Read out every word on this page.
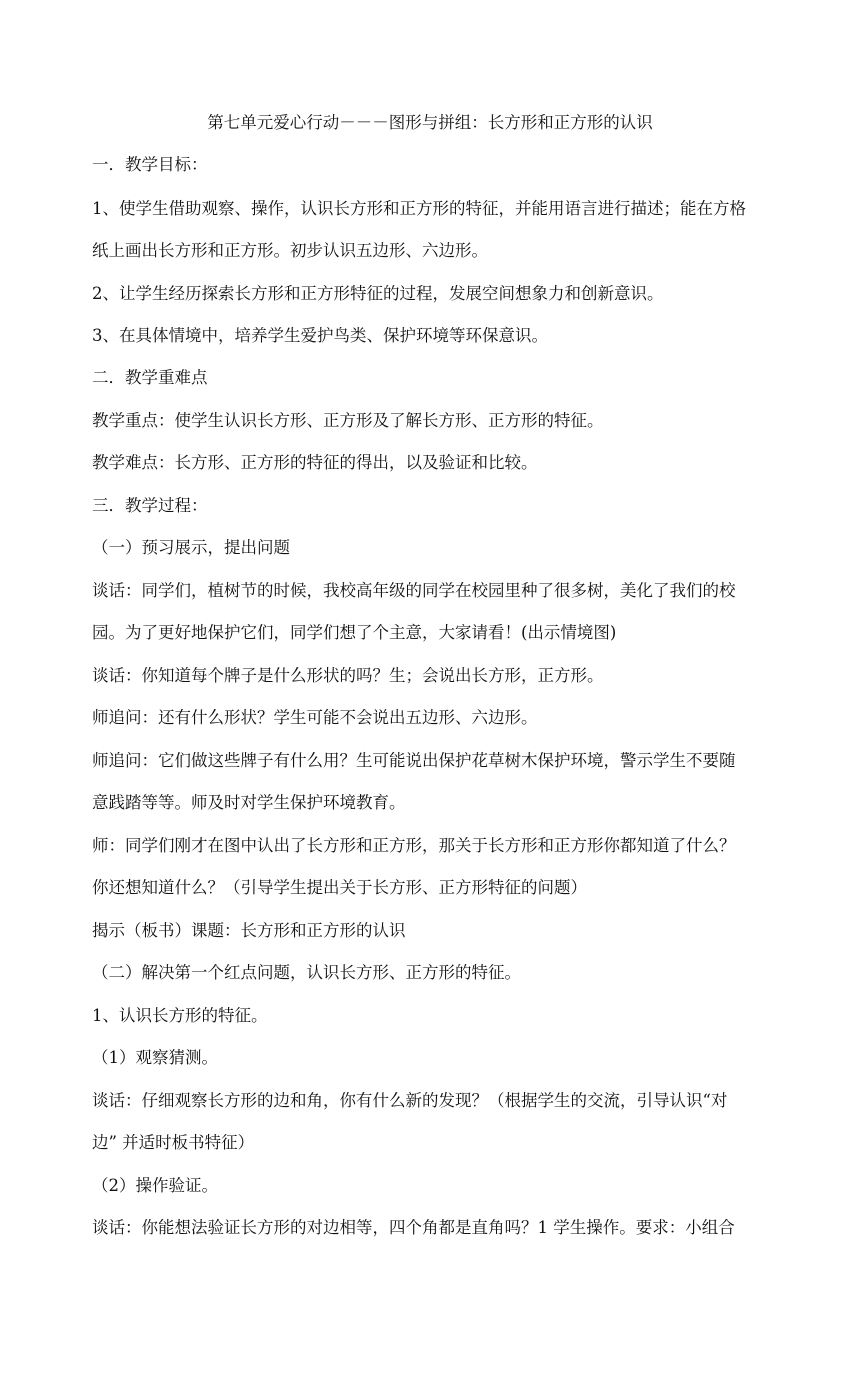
第七单元爱心行动－－－图形与拼组：长方形和正方形的认识
一．教学目标：
1、使学生借助观察、操作，认识长方形和正方形的特征，并能用语言进行描述；能在方格
纸上画出长方形和正方形。初步认识五边形、六边形。
2、让学生经历探索长方形和正方形特征的过程，发展空间想象力和创新意识。
3、在具体情境中，培养学生爱护鸟类、保护环境等环保意识。
二．教学重难点
教学重点：使学生认识长方形、正方形及了解长方形、正方形的特征。
教学难点：长方形、正方形的特征的得出，以及验证和比较。
三．教学过程：
（一）预习展示，提出问题
谈话：同学们，植树节的时候，我校高年级的同学在校园里种了很多树，美化了我们的校
园。为了更好地保护它们，同学们想了个主意，大家请看！(出示情境图)
谈话：你知道每个牌子是什么形状的吗？生；会说出长方形，正方形。
师追问：还有什么形状？学生可能不会说出五边形、六边形。
师追问：它们做这些牌子有什么用？生可能说出保护花草树木保护环境，警示学生不要随
意践踏等等。师及时对学生保护环境教育。
师：同学们刚才在图中认出了长方形和正方形，那关于长方形和正方形你都知道了什么？
你还想知道什么？（引导学生提出关于长方形、正方形特征的问题）
揭示（板书）课题：长方形和正方形的认识
（二）解决第一个红点问题，认识长方形、正方形的特征。
1、认识长方形的特征。
（1）观察猜测。
谈话：仔细观察长方形的边和角，你有什么新的发现？（根据学生的交流，引导认识“对
边” 并适时板书特征）
（2）操作验证。
谈话：你能想法验证长方形的对边相等，四个角都是直角吗？1 学生操作。要求：小组合
